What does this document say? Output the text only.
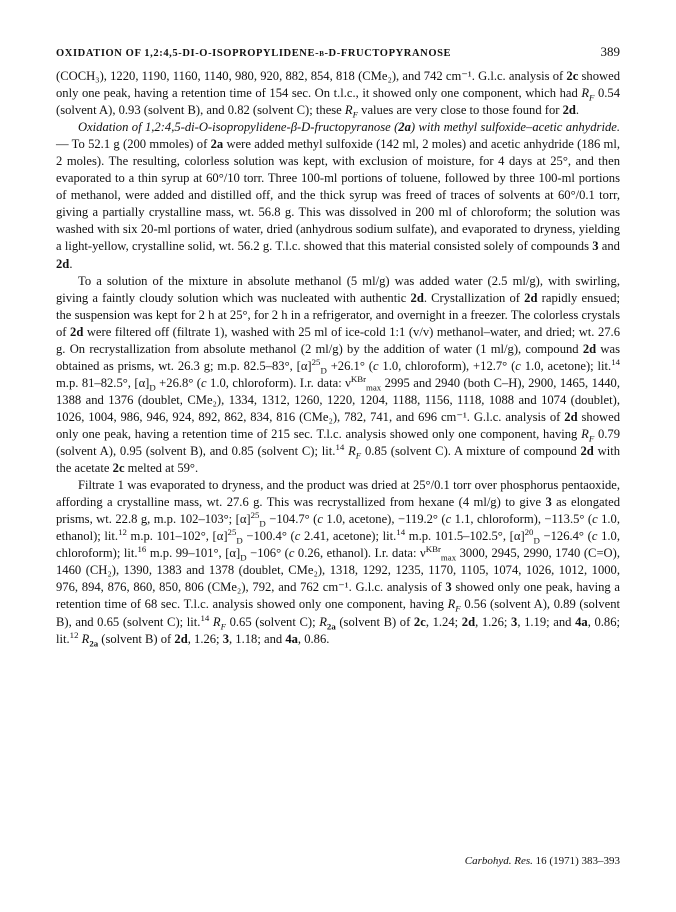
OXIDATION OF 1,2:4,5-DI-O-ISOPROPYLIDENE-β-D-FRUCTOPYRANOSE	389

(COCH₃), 1220, 1190, 1160, 1140, 980, 920, 882, 854, 818 (CMe₂), and 742 cm⁻¹. G.l.c. analysis of 2c showed only one peak, having a retention time of 154 sec. On t.l.c., it showed only one component, which had $R_F$ 0.54 (solvent A), 0.93 (solvent B), and 0.82 (solvent C); these $R_F$ values are very close to those found for 2d.

Oxidation of 1,2:4,5-di-O-isopropylidene-β-D-fructopyranose (2a) with methyl sulfoxide–acetic anhydride. — To 52.1 g (200 mmoles) of 2a were added methyl sulfoxide (142 ml, 2 moles) and acetic anhydride (186 ml, 2 moles). The resulting, colorless solution was kept, with exclusion of moisture, for 4 days at 25°, and then evaporated to a thin syrup at 60°/10 torr. Three 100-ml portions of toluene, followed by three 100-ml portions of methanol, were added and distilled off, and the thick syrup was freed of traces of solvents at 60°/0.1 torr, giving a partially crystalline mass, wt. 56.8 g. This was dissolved in 200 ml of chloroform; the solution was washed with six 20-ml portions of water, dried (anhydrous sodium sulfate), and evaporated to dryness, yielding a light-yellow, crystalline solid, wt. 56.2 g. T.l.c. showed that this material consisted solely of compounds 3 and 2d.

To a solution of the mixture in absolute methanol (5 ml/g) was added water (2.5 ml/g), with swirling, giving a faintly cloudy solution which was nucleated with authentic 2d. Crystallization of 2d rapidly ensued; the suspension was kept for 2 h at 25°, for 2 h in a refrigerator, and overnight in a freezer. The colorless crystals of 2d were filtered off (filtrate 1), washed with 25 ml of ice-cold 1:1 (v/v) methanol–water, and dried; wt. 27.6 g. On recrystallization from absolute methanol (2 ml/g) by the addition of water (1 ml/g), compound 2d was obtained as prisms, wt. 26.3 g; m.p. 82.5–83°, $[\alpha]^{25}_D +26.1^\circ$ (c 1.0, chloroform), +12.7° (c 1.0, acetone); lit.$^{14}$ m.p. 81–82.5°, $[\alpha]_D +26.8^\circ$ (c 1.0, chloroform). I.r. data: $\nu^{KBr}_{max}$ 2995 and 2940 (both C–H), 2900, 1465, 1440, 1388 and 1376 (doublet, CMe₂), 1334, 1312, 1260, 1220, 1204, 1188, 1156, 1118, 1088 and 1074 (doublet), 1026, 1004, 986, 946, 924, 892, 862, 834, 816 (CMe₂), 782, 741, and 696 cm⁻¹. G.l.c. analysis of 2d showed only one peak, having a retention time of 215 sec. T.l.c. analysis showed only one component, having $R_F$ 0.79 (solvent A), 0.95 (solvent B), and 0.85 (solvent C); lit.$^{14}$ $R_F$ 0.85 (solvent C). A mixture of compound 2d with the acetate 2c melted at 59°.

Filtrate 1 was evaporated to dryness, and the product was dried at 25°/0.1 torr over phosphorus pentaoxide, affording a crystalline mass, wt. 27.6 g. This was recrystallized from hexane (4 ml/g) to give 3 as elongated prisms, wt. 22.8 g, m.p. 102–103°; $[\alpha]^{25}_D -104.7^\circ$ (c 1.0, acetone), −119.2° (c 1.1, chloroform), −113.5° (c 1.0, ethanol); lit.$^{12}$ m.p. 101–102°, $[\alpha]^{25}_D -100.4^\circ$ (c 2.41, acetone); lit.$^{14}$ m.p. 101.5–102.5°, $[\alpha]^{20}_D -126.4^\circ$ (c 1.0, chloroform); lit.$^{16}$ m.p. 99–101°, $[\alpha]_D -106^\circ$ (c 0.26, ethanol). I.r. data: $\nu^{KBr}_{max}$ 3000, 2945, 2990, 1740 (C=O), 1460 (CH₂), 1390, 1383 and 1378 (doublet, CMe₂), 1318, 1292, 1235, 1170, 1105, 1074, 1026, 1012, 1000, 976, 894, 876, 860, 850, 806 (CMe₂), 792, and 762 cm⁻¹. G.l.c. analysis of 3 showed only one peak, having a retention time of 68 sec. T.l.c. analysis showed only one component, having $R_F$ 0.56 (solvent A), 0.89 (solvent B), and 0.65 (solvent C); lit.$^{14}$ $R_F$ 0.65 (solvent C); $R_{2a}$ (solvent B) of 2c, 1.24; 2d, 1.26; 3, 1.19; and 4a, 0.86; lit.$^{12}$ $R_{2a}$ (solvent B) of 2d, 1.26; 3, 1.18; and 4a, 0.86.

Carbohyd. Res. 16 (1971) 383–393
